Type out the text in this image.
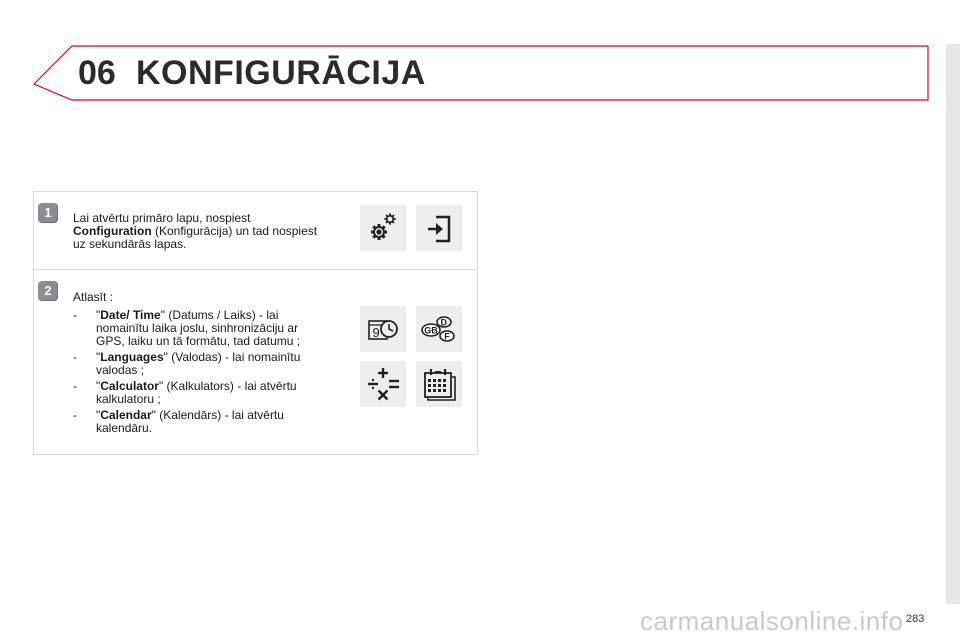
06 KONFIGURĀCIJA
1	Lai atvērtu primāro lapu, nospiest
Configuration (Konfigurācija) un tad nospiest
uz sekundārās lapas.
2	Atlasīt :
- "Date/ Time" (Datums / Laiks) - lai nomainītu laika joslu, sinhronizāciju ar GPS, laiku un tā formātu, tad datumu ;
- "Languages" (Valodas) - lai nomainītu valodas ;
- "Calculator" (Kalkulators) - lai atvērtu kalkulatoru ;
- "Calendar" (Kalendārs) - lai atvērtu kalendāru.
9
D
F
GB
carmanualsonline.info 283
